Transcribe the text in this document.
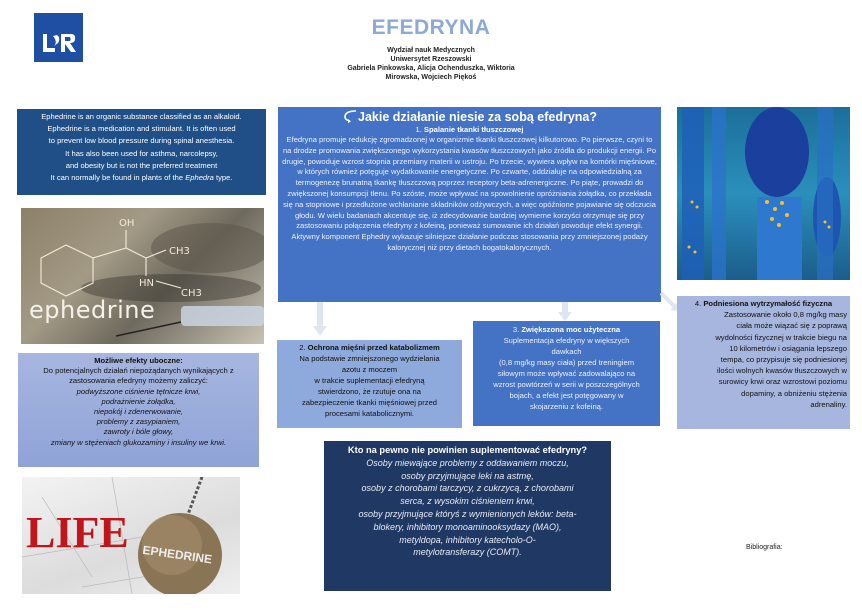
EFEDRYNA
Wydział nauk Medycznych
Uniwersytet Rzeszowski
Gabriela Pinkowska, Alicja Ochenduszka, Wiktoria
Mirowska, Wojciech Piękoś
Ephedrine is an organic substance classified as an alkaloid.
Ephedrine is a medication and stimulant. It is often used
to prevent low blood pressure during spinal anesthesia.
It has also been used for asthma, narcolepsy,
and obesity but is not the preferred treatment
It can normally be found in plants of the Ephedra type.
OH
CH3
HN
CH3
ephedrine
Możliwe efekty uboczne:
Do potencjalnych działań niepożądanych wynikających z zastosowania efedryny możemy zaliczyć:
podwyższone ciśnienie tętnicze krwi,
podrażnienie żołądka,
niepokój i zdenerwowanie,
problemy z zasypianiem,
zawroty i bóle głowy,
zmiany w stężeniach glukozaminy i insuliny we krwi.
LIFE EPHEDRINE
Jakie działanie niesie za sobą efedryna?
1. Spalanie tkanki tłuszczowej
Efedryna promuje redukcję zgromadzonej w organizmie tkanki tłuszczowej kilkutorowo. Po pierwsze, czyni to na drodze promowania zwiększonego wykorzystania kwasów tłuszczowych jako źródła do produkcji energii. Po drugie, powoduje wzrost stopnia przemiany materii w ustroju. Po trzecie, wywiera wpływ na komórki mięśniowe, w których również potęguje wydatkowanie energetyczne. Po czwarte, oddziałuje na odpowiedzialną za termogenezę brunatną tkankę tłuszczową poprzez receptory beta-adrenergiczne. Po piąte, prowadzi do zwiększonej konsumpcji tlenu. Po szóste, może wpływać na spowolnienie opróżniania żołądka, co przekłada się na stopniowe i przedłużone wchłanianie składników odżywczych, a więc opóźnione pojawianie się odczucia głodu. W wielu badaniach akcentuje się, iż zdecydowanie bardziej wymierne korzyści otrzymuje się przy zastosowaniu połączenia efedryny z kofeiną, ponieważ sumowanie ich działań powoduje efekt synergii. Aktywny komponent Ephedry wykazuje silniejsze działanie podczas stosowania przy zmniejszonej podaży kalorycznej niż przy dietach bogatokalorycznych.
2. Ochrona mięśni przed katabolizmem
Na podstawie zmniejszonego wydzielania
azotu z moczem
w trakcie suplementacji efedryną
stwierdzono, że rzutuje ona na
zabezpieczenie tkanki mięśniowej przed
procesami katabolicznymi.
3. Zwiększona moc użyteczna
Suplementacja efedryny w większych
dawkach
(0,8 mg/kg masy ciała) przed treningiem
siłowym może wpływać zadowalająco na
wzrost powtórzeń w serii w poszczególnych
bojach, a efekt jest potęgowany w
skojarzeniu z kofeiną.
4. Podniesiona wytrzymałość fizyczna
Zastosowanie około 0,8 mg/kg masy
ciała może wiązać się z poprawą
wydolności fizycznej w trakcie biegu na
10 kilometrów i osiągania lepszego
tempa, co przypisuje się podniesionej
ilości wolnych kwasów tłuszczowych w
surowicy krwi oraz wzrostowi poziomu
dopaminy, a obniżeniu stężenia
adrenaliny.
Kto na pewno nie powinien suplementować efedryny?
Osoby miewające problemy z oddawaniem moczu,
osoby przyjmujące leki na astmę,
osoby z chorobami tarczycy, z cukrzycą, z chorobami
serca, z wysokim ciśnieniem krwi,
osoby przyjmujące któryś z wymienionych leków: beta-
blokery, inhibitory monoaminooksydazy (MAO),
metyldopa, inhibitory katecholo-O-
metylotransferazy (COMT).	Bibliografia:
